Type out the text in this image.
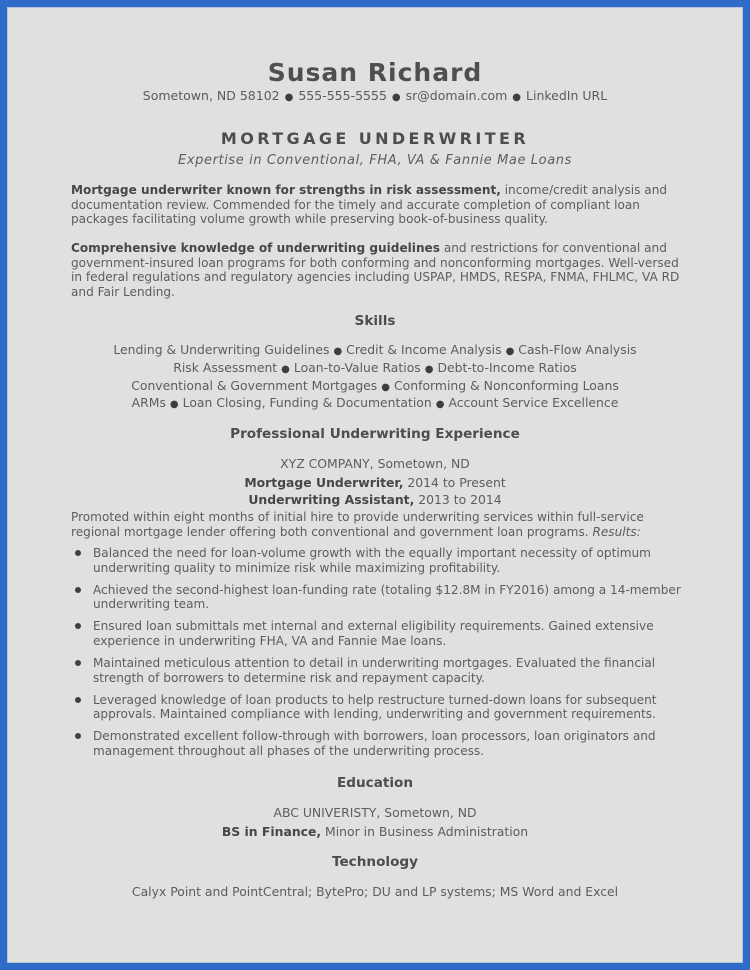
Susan Richard
Sometown, ND 58102 ● 555-555-5555 ● sr@domain.com ● LinkedIn URL
MORTGAGE UNDERWRITER
Expertise in Conventional, FHA, VA & Fannie Mae Loans
Mortgage underwriter known for strengths in risk assessment, income/credit analysis and documentation review. Commended for the timely and accurate completion of compliant loan packages facilitating volume growth while preserving book-of-business quality.
Comprehensive knowledge of underwriting guidelines and restrictions for conventional and government-insured loan programs for both conforming and nonconforming mortgages. Well-versed in federal regulations and regulatory agencies including USPAP, HMDS, RESPA, FNMA, FHLMC, VA RD and Fair Lending.
Skills
Lending & Underwriting Guidelines ● Credit & Income Analysis ● Cash-Flow Analysis
Risk Assessment ● Loan-to-Value Ratios ● Debt-to-Income Ratios
Conventional & Government Mortgages ● Conforming & Nonconforming Loans
ARMs ● Loan Closing, Funding & Documentation ● Account Service Excellence
Professional Underwriting Experience
XYZ COMPANY, Sometown, ND
Mortgage Underwriter, 2014 to Present
Underwriting Assistant, 2013 to 2014
Promoted within eight months of initial hire to provide underwriting services within full-service regional mortgage lender offering both conventional and government loan programs. Results:
Balanced the need for loan-volume growth with the equally important necessity of optimum underwriting quality to minimize risk while maximizing profitability.
Achieved the second-highest loan-funding rate (totaling $12.8M in FY2016) among a 14-member underwriting team.
Ensured loan submittals met internal and external eligibility requirements. Gained extensive experience in underwriting FHA, VA and Fannie Mae loans.
Maintained meticulous attention to detail in underwriting mortgages. Evaluated the financial strength of borrowers to determine risk and repayment capacity.
Leveraged knowledge of loan products to help restructure turned-down loans for subsequent approvals. Maintained compliance with lending, underwriting and government requirements.
Demonstrated excellent follow-through with borrowers, loan processors, loan originators and management throughout all phases of the underwriting process.
Education
ABC UNIVERISTY, Sometown, ND
BS in Finance, Minor in Business Administration
Technology
Calyx Point and PointCentral; BytePro; DU and LP systems; MS Word and Excel
